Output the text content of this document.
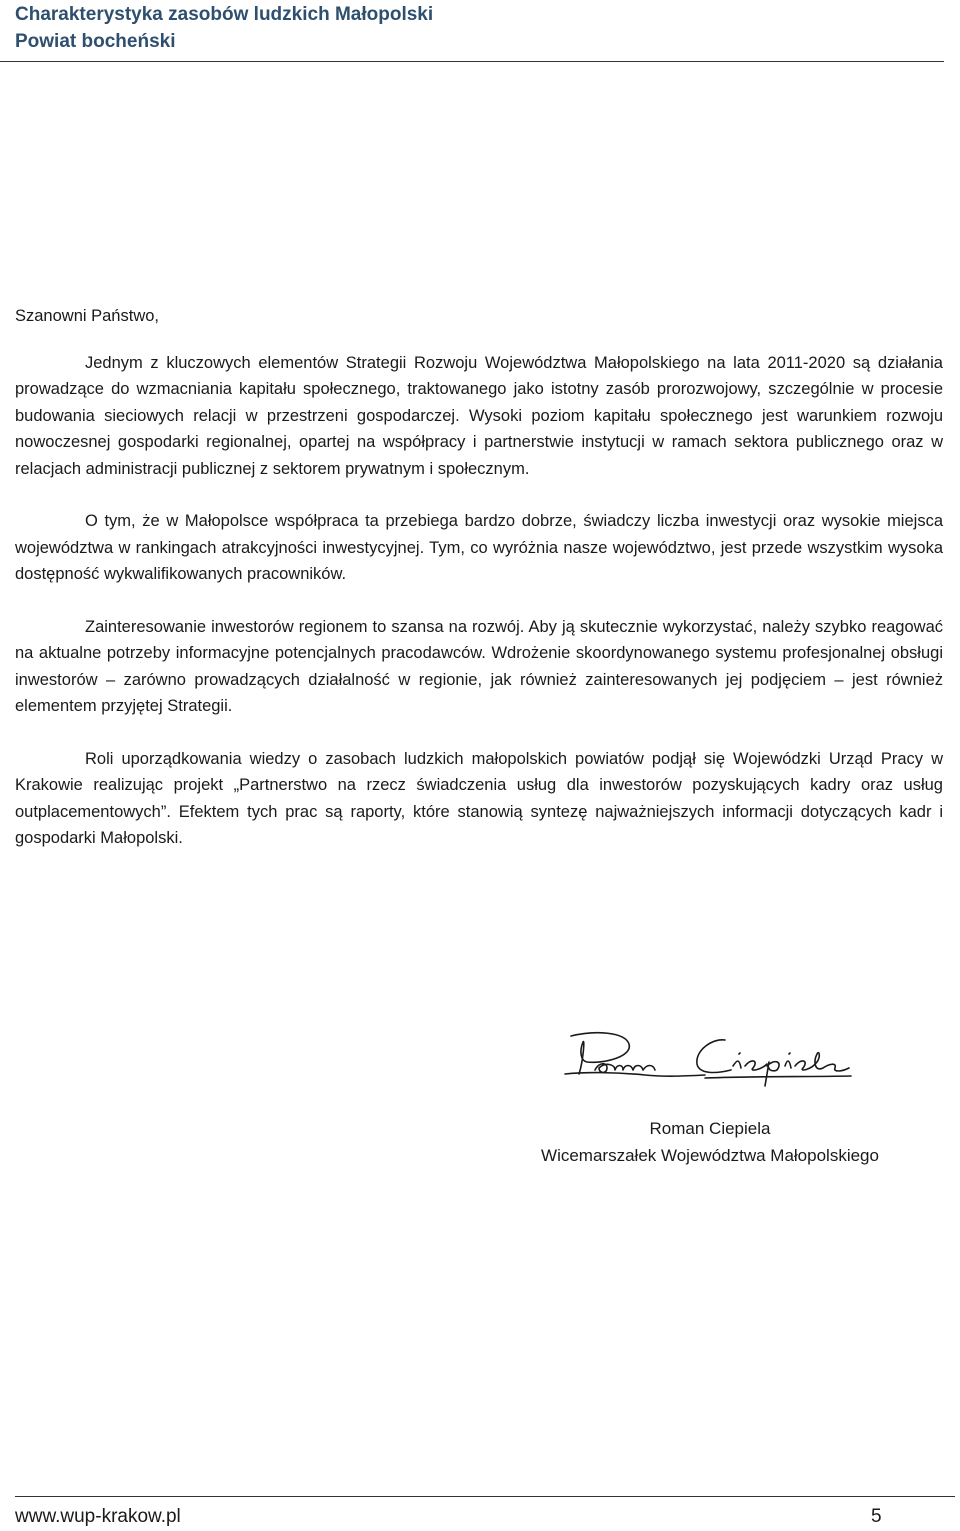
Charakterystyka zasobów ludzkich Małopolski
Powiat bocheński

Szanowni Państwo,

Jednym z kluczowych elementów Strategii Rozwoju Województwa Małopolskiego na lata 2011-2020 są działania prowadzące do wzmacniania kapitału społecznego, traktowanego jako istotny zasób prorozwojowy, szczególnie w procesie budowania sieciowych relacji w przestrzeni gospodarczej. Wysoki poziom kapitału społecznego jest warunkiem rozwoju nowoczesnej gospodarki regionalnej, opartej na współpracy i partnerstwie instytucji w ramach sektora publicznego oraz w relacjach administracji publicznej z sektorem prywatnym i społecznym.

O tym, że w Małopolsce współpraca ta przebiega bardzo dobrze, świadczy liczba inwestycji oraz wysokie miejsca województwa w rankingach atrakcyjności inwestycyjnej. Tym, co wyróżnia nasze województwo, jest przede wszystkim wysoka dostępność wykwalifikowanych pracowników.

Zainteresowanie inwestorów regionem to szansa na rozwój. Aby ją skutecznie wykorzystać, należy szybko reagować na aktualne potrzeby informacyjne potencjalnych pracodawców. Wdrożenie skoordynowanego systemu profesjonalnej obsługi inwestorów – zarówno prowadzących działalność w regionie, jak również zainteresowanych jej podjęciem – jest również elementem przyjętej Strategii.

Roli uporządkowania wiedzy o zasobach ludzkich małopolskich powiatów podjął się Wojewódzki Urząd Pracy w Krakowie realizując projekt „Partnerstwo na rzecz świadczenia usług dla inwestorów pozyskujących kadry oraz usług outplacementowych”. Efektem tych prac są raporty, które stanowią syntezę najważniejszych informacji dotyczących kadr i gospodarki Małopolski.

Roman Ciepiela
Wicemarszałek Województwa Małopolskiego
www.wup-krakow.pl	5
